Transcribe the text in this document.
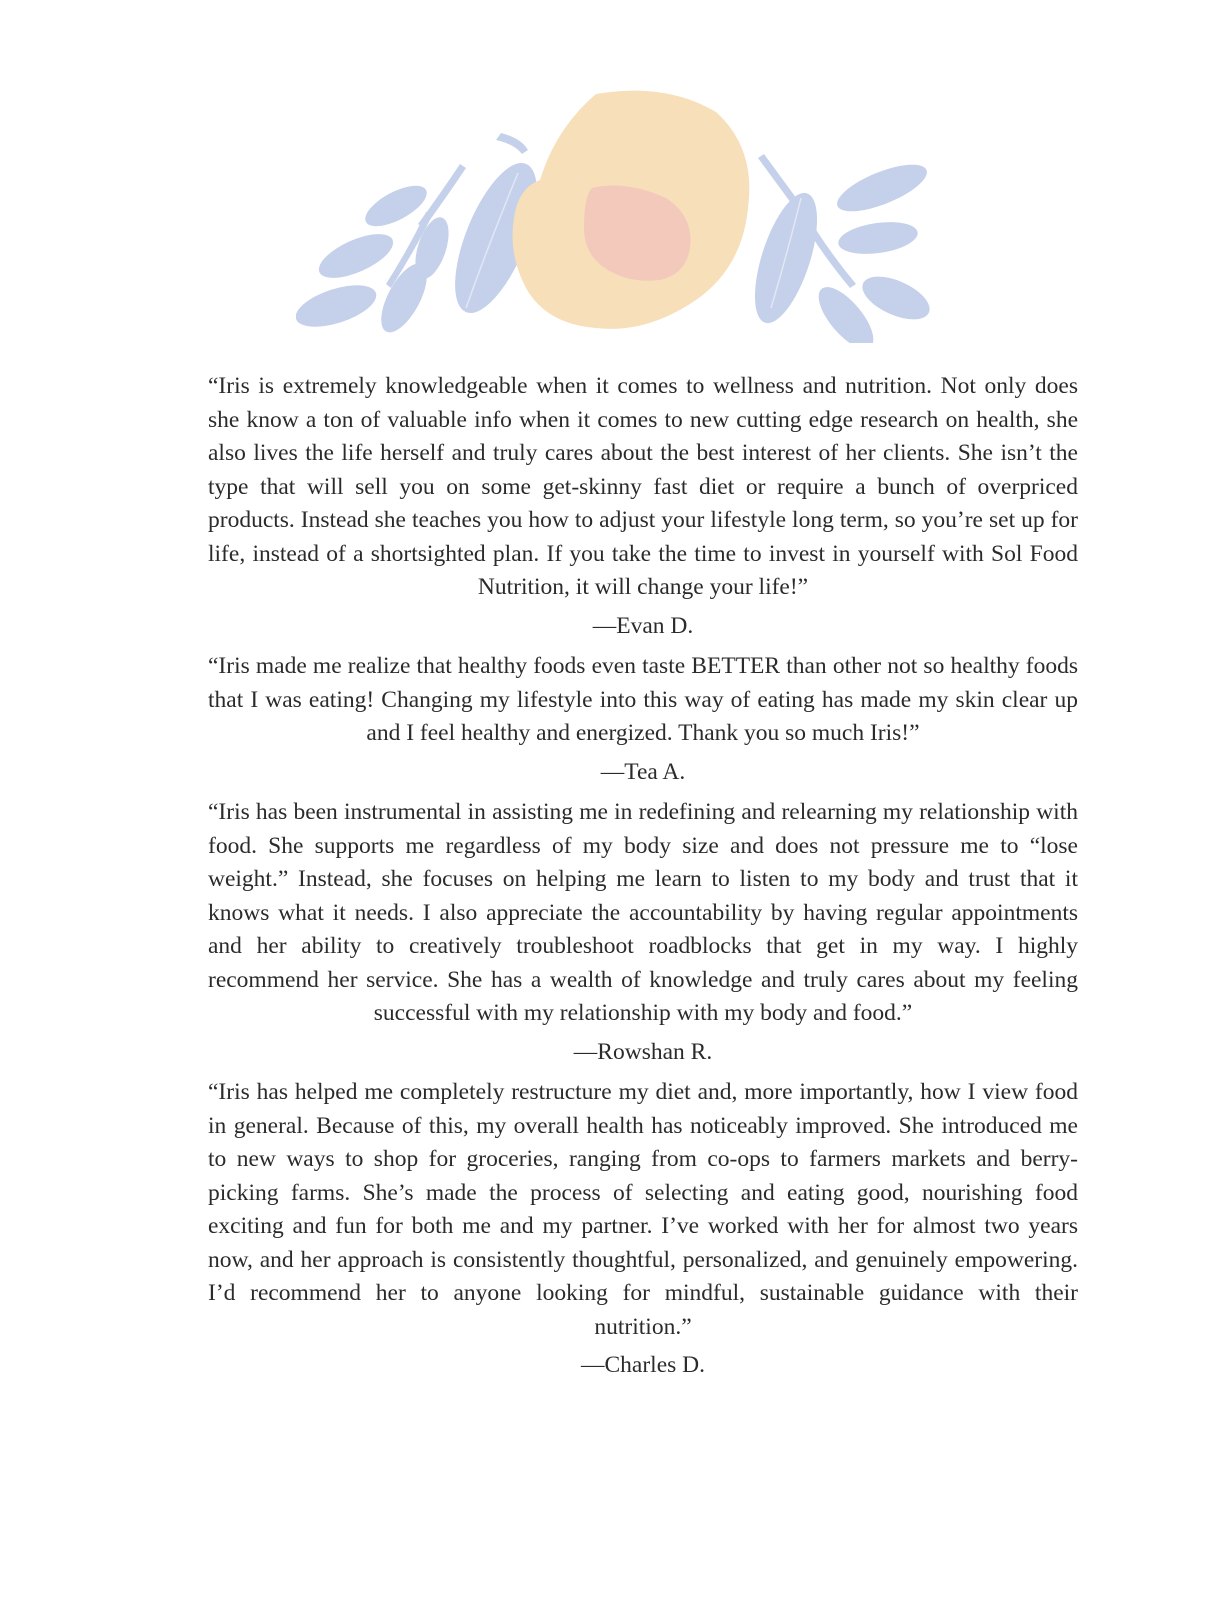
“Iris is extremely knowledgeable when it comes to wellness and nutrition. Not only does she know a ton of valuable info when it comes to new cutting edge research on health, she also lives the life herself and truly cares about the best interest of her clients. She isn’t the type that will sell you on some get-skinny fast diet or require a bunch of overpriced products. Instead she teaches you how to adjust your lifestyle long term, so you’re set up for life, instead of a shortsighted plan. If you take the time to invest in yourself with Sol Food Nutrition, it will change your life!”

—Evan D.

“Iris made me realize that healthy foods even taste BETTER than other not so healthy foods that I was eating! Changing my lifestyle into this way of eating has made my skin clear up and I feel healthy and energized. Thank you so much Iris!”

—Tea A.

“Iris has been instrumental in assisting me in redefining and relearning my relationship with food. She supports me regardless of my body size and does not pressure me to “lose weight.” Instead, she focuses on helping me learn to listen to my body and trust that it knows what it needs. I also appreciate the accountability by having regular appointments and her ability to creatively troubleshoot roadblocks that get in my way. I highly recommend her service. She has a wealth of knowledge and truly cares about my feeling successful with my relationship with my body and food.”

—Rowshan R.

“Iris has helped me completely restructure my diet and, more importantly, how I view food in general. Because of this, my overall health has noticeably improved. She introduced me to new ways to shop for groceries, ranging from co-ops to farmers markets and berry-picking farms. She’s made the process of selecting and eating good, nourishing food exciting and fun for both me and my partner. I’ve worked with her for almost two years now, and her approach is consistently thoughtful, personalized, and genuinely empowering. I’d recommend her to anyone looking for mindful, sustainable guidance with their nutrition.”

—Charles D.
